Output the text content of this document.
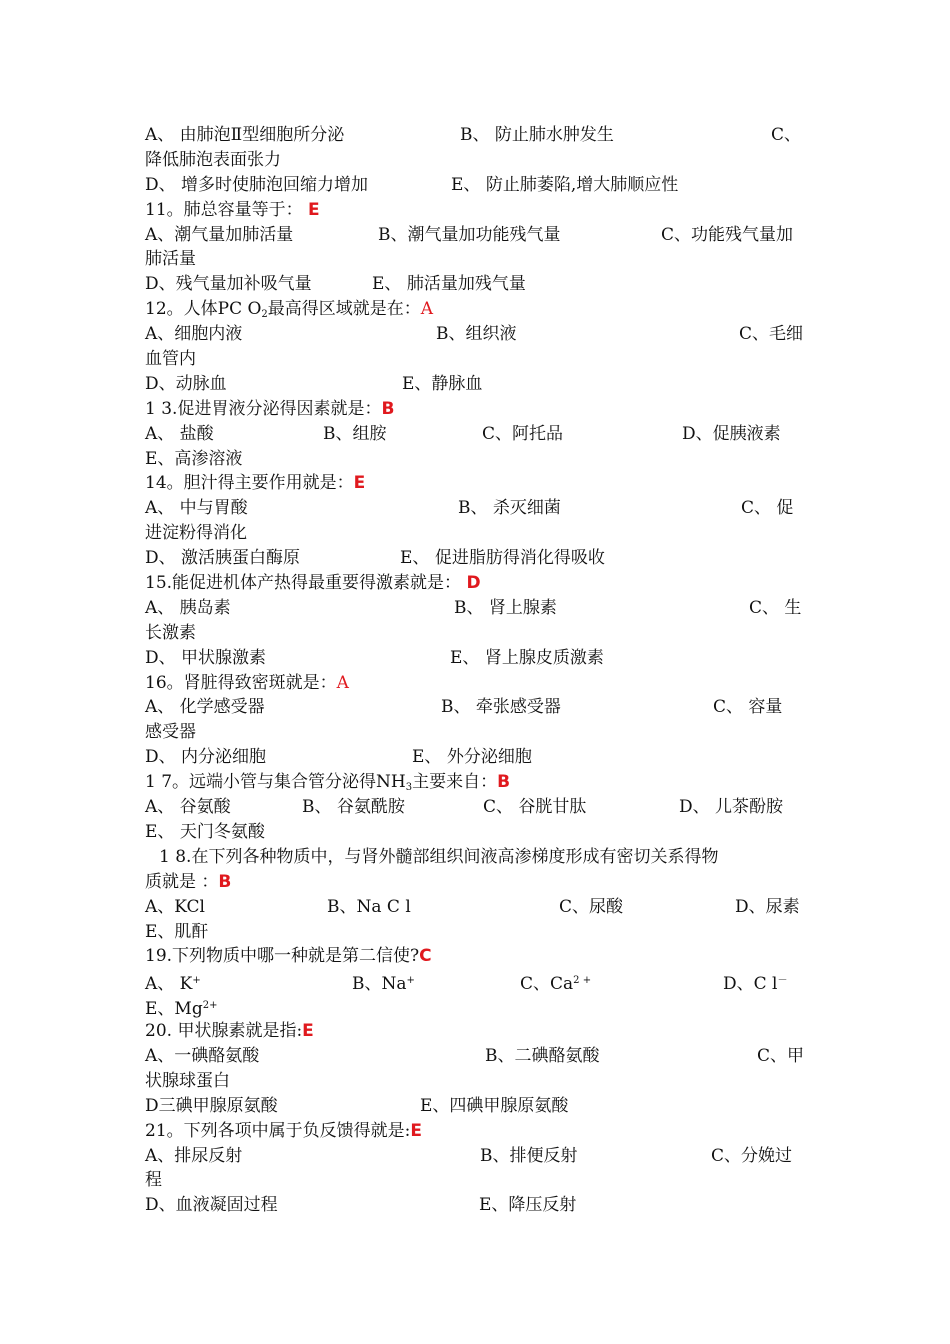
A、 由肺泡Ⅱ型细胞所分泌	B、 防止肺水肿发生	C、
降低肺泡表面张力
D、 增多时使肺泡回缩力增加	E、 防止肺萎陷,增大肺顺应性
11。肺总容量等于： E
A、潮气量加肺活量	B、潮气量加功能残气量	C、功能残气量加
肺活量
D、残气量加补吸气量	E、 肺活量加残气量
12。人体PC $O_2$最高得区域就是在：A
A、细胞内液	B、组织液	C、毛细
血管内
D、动脉血	E、静脉血
1 3.促进胃液分泌得因素就是：B
A、 盐酸	B、组胺	C、阿托品	D、促胰液素
E、高渗溶液
14。胆汁得主要作用就是：E
A、 中与胃酸	B、 杀灭细菌	C、 促
进淀粉得消化
D、 激活胰蛋白酶原	E、 促进脂肪得消化得吸收
15.能促进机体产热得最重要得激素就是： D
A、 胰岛素	B、 肾上腺素	C、 生
长激素
D、 甲状腺激素	E、 肾上腺皮质激素
16。肾脏得致密斑就是：A
A、 化学感受器	B、 牵张感受器	C、 容量
感受器
D、 内分泌细胞	E、 外分泌细胞
1 7。远端小管与集合管分泌得$NH_3$主要来自：B
A、 谷氨酸	B、 谷氨酰胺	C、 谷胱甘肽	D、 儿茶酚胺
E、 天门冬氨酸
1 8.在下列各种物质中，与肾外髓部组织间液高渗梯度形成有密切关系得物
质就是 ：B
A、KCl	B、Na C l	C、尿酸	D、尿素
E、肌酐
19.下列物质中哪一种就是第二信使?C
A、 K+	B、Na+	C、$Ca^{2 +}$	D、C l－
E、$Mg^{2+}$
20. 甲状腺素就是指:E
A、一碘酪氨酸	B、二碘酪氨酸	C、甲
状腺球蛋白
D三碘甲腺原氨酸	E、四碘甲腺原氨酸
21。下列各项中属于负反馈得就是:E
A、排尿反射	B、排便反射	C、分娩过
程
D、血液凝固过程	E、降压反射
